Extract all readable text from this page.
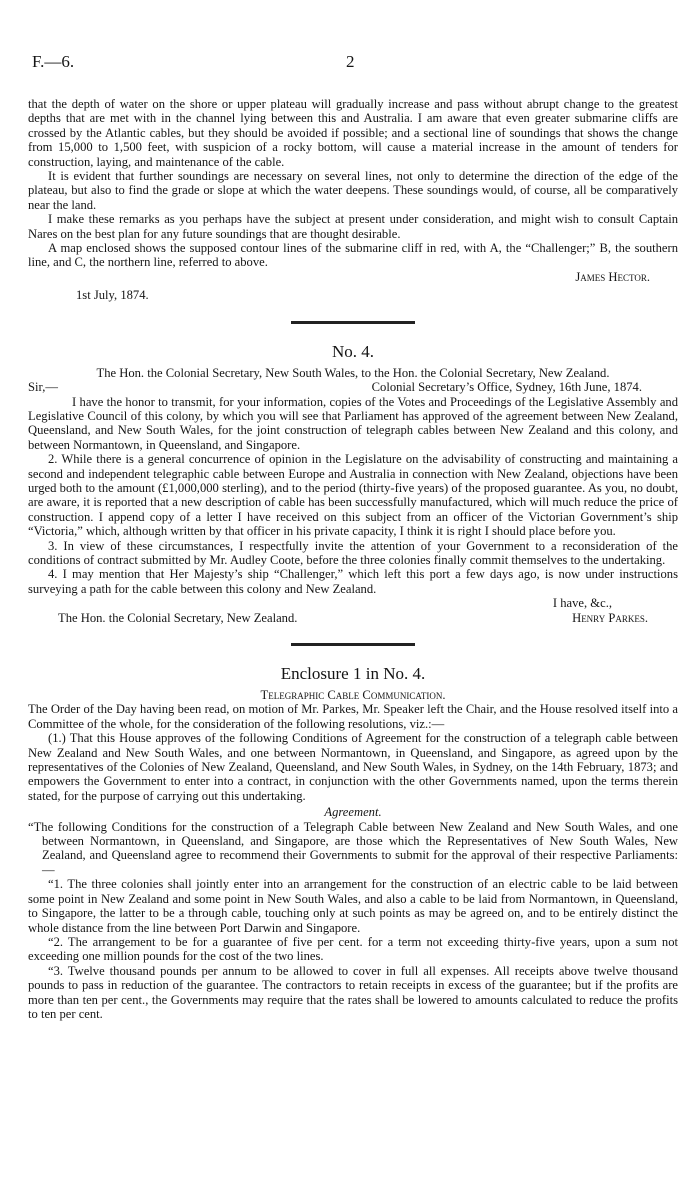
F.—6.	2

that the depth of water on the shore or upper plateau will gradually increase and pass without abrupt change to the greatest depths that are met with in the channel lying between this and Australia. I am aware that even greater submarine cliffs are crossed by the Atlantic cables, but they should be avoided if possible; and a sectional line of soundings that shows the change from 15,000 to 1,500 feet, with suspicion of a rocky bottom, will cause a material increase in the amount of tenders for construction, laying, and maintenance of the cable.

It is evident that further soundings are necessary on several lines, not only to determine the direction of the edge of the plateau, but also to find the grade or slope at which the water deepens. These soundings would, of course, all be comparatively near the land.

I make these remarks as you perhaps have the subject at present under consideration, and might wish to consult Captain Nares on the best plan for any future soundings that are thought desirable.

A map enclosed shows the supposed contour lines of the submarine cliff in red, with A, the “Challenger;” B, the southern line, and C, the northern line, referred to above.

James Hector.

1st July, 1874.

No. 4.

The Hon. the Colonial Secretary, New South Wales, to the Hon. the Colonial Secretary, New Zealand.

Sir,—	Colonial Secretary’s Office, Sydney, 16th June, 1874.

I have the honor to transmit, for your information, copies of the Votes and Proceedings of the Legislative Assembly and Legislative Council of this colony, by which you will see that Parliament has approved of the agreement between New Zealand, Queensland, and New South Wales, for the joint construction of telegraph cables between New Zealand and this colony, and between Normantown, in Queensland, and Singapore.

2. While there is a general concurrence of opinion in the Legislature on the advisability of constructing and maintaining a second and independent telegraphic cable between Europe and Australia in connection with New Zealand, objections have been urged both to the amount (£1,000,000 sterling), and to the period (thirty-five years) of the proposed guarantee. As you, no doubt, are aware, it is reported that a new description of cable has been successfully manufactured, which will much reduce the price of construction. I append copy of a letter I have received on this subject from an officer of the Victorian Government’s ship “Victoria,” which, although written by that officer in his private capacity, I think it is right I should place before you.

3. In view of these circumstances, I respectfully invite the attention of your Government to a reconsideration of the conditions of contract submitted by Mr. Audley Coote, before the three colonies finally commit themselves to the undertaking.

4. I may mention that Her Majesty’s ship “Challenger,” which left this port a few days ago, is now under instructions surveying a path for the cable between this colony and New Zealand.

I have, &c.,

The Hon. the Colonial Secretary, New Zealand.	Henry Parkes.
Enclosure 1 in No. 4.

Telegraphic Cable Communication.

The Order of the Day having been read, on motion of Mr. Parkes, Mr. Speaker left the Chair, and the House resolved itself into a Committee of the whole, for the consideration of the following resolutions, viz.:—

(1.) That this House approves of the following Conditions of Agreement for the construction of a telegraph cable between New Zealand and New South Wales, and one between Normantown, in Queensland, and Singapore, as agreed upon by the representatives of the Colonies of New Zealand, Queensland, and New South Wales, in Sydney, on the 14th February, 1873; and empowers the Government to enter into a contract, in conjunction with the other Governments named, upon the terms therein stated, for the purpose of carrying out this undertaking.

Agreement.

“The following Conditions for the construction of a Telegraph Cable between New Zealand and New South Wales, and one between Normantown, in Queensland, and Singapore, are those which the Representatives of New South Wales, New Zealand, and Queensland agree to recommend their Governments to submit for the approval of their respective Parliaments:—

“1. The three colonies shall jointly enter into an arrangement for the construction of an electric cable to be laid between some point in New Zealand and some point in New South Wales, and also a cable to be laid from Normantown, in Queensland, to Singapore, the latter to be a through cable, touching only at such points as may be agreed on, and to be entirely distinct the whole distance from the line between Port Darwin and Singapore.

“2. The arrangement to be for a guarantee of five per cent. for a term not exceeding thirty-five years, upon a sum not exceeding one million pounds for the cost of the two lines.

“3. Twelve thousand pounds per annum to be allowed to cover in full all expenses. All receipts above twelve thousand pounds to pass in reduction of the guarantee. The contractors to retain receipts in excess of the guarantee; but if the profits are more than ten per cent., the Governments may require that the rates shall be lowered to amounts calculated to reduce the profits to ten per cent.
